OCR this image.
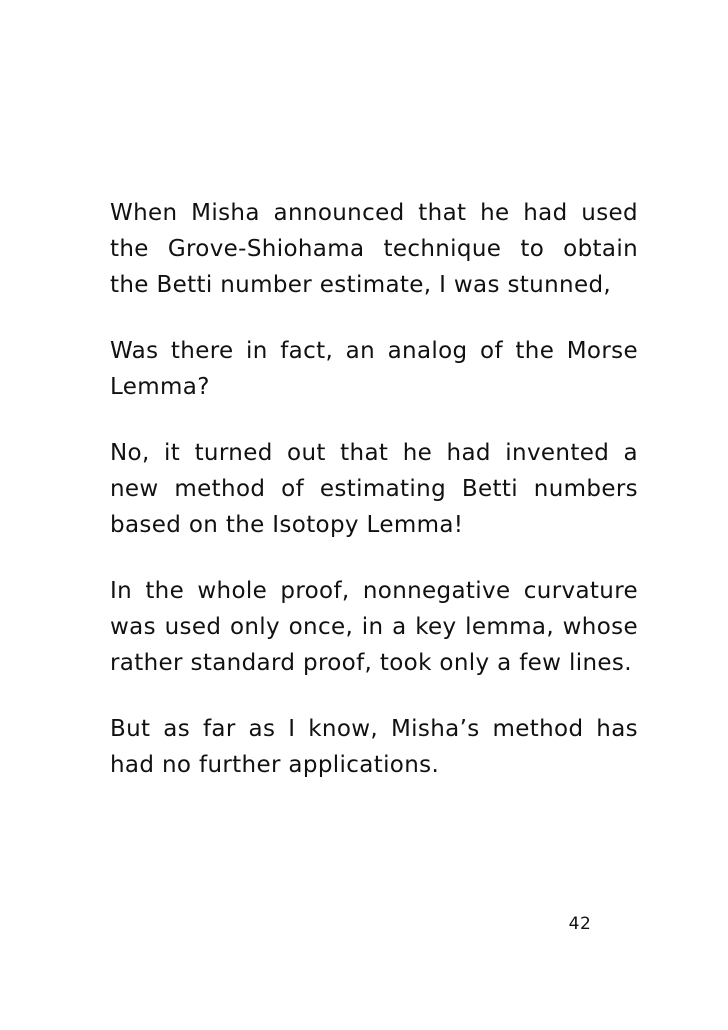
When Misha announced that he had used
the Grove-Shiohama technique to obtain
the Betti number estimate, I was stunned,

Was there in fact, an analog of the Morse
Lemma?

No, it turned out that he had invented a
new method of estimating Betti numbers
based on the Isotopy Lemma!

In the whole proof, nonnegative curvature
was used only once, in a key lemma, whose
rather standard proof, took only a few lines.

But as far as I know, Misha’s method has
had no further applications.

42
